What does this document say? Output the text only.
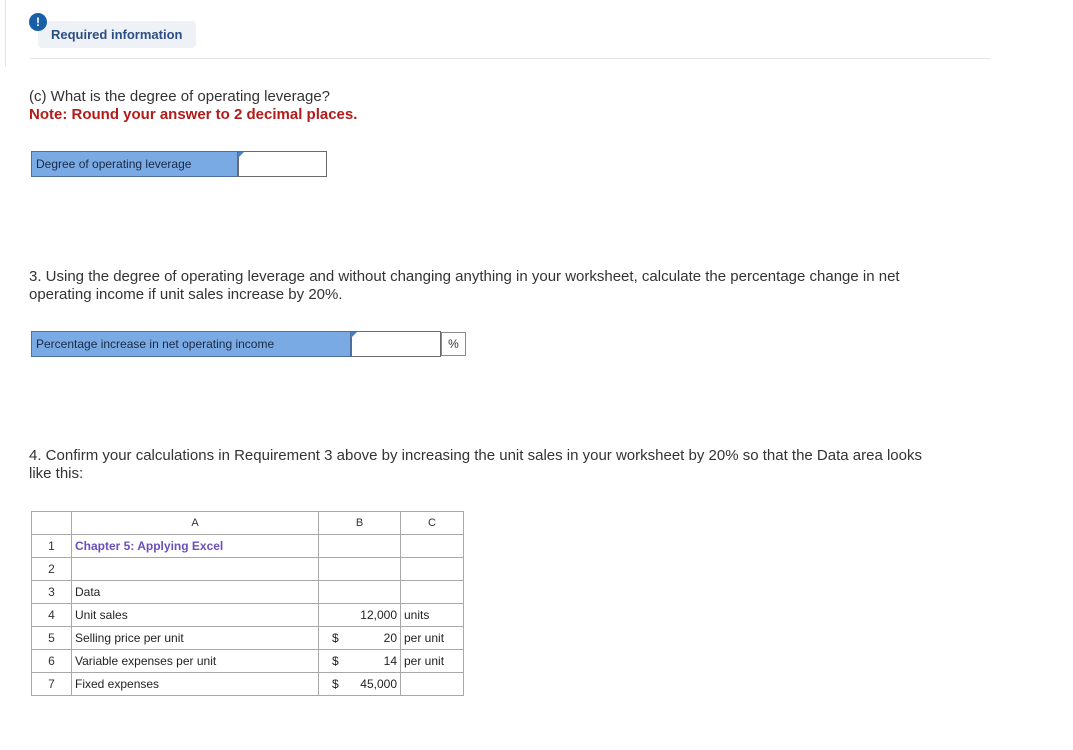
!
Required information
(c) What is the degree of operating leverage?
Note: Round your answer to 2 decimal places.
Degree of operating leverage
3. Using the degree of operating leverage and without changing anything in your worksheet, calculate the percentage change in net
operating income if unit sales increase by 20%.
Percentage increase in net operating income	%
4. Confirm your calculations in Requirement 3 above by increasing the unit sales in your worksheet by 20% so that the Data area looks
like this:
	A	B	C
1	Chapter 5: Applying Excel		
2			
3	Data		
4	Unit sales	12,000	units
5	Selling price per unit	$ 20	per unit
6	Variable expenses per unit	$ 14	per unit
7	Fixed expenses	$ 45,000	
